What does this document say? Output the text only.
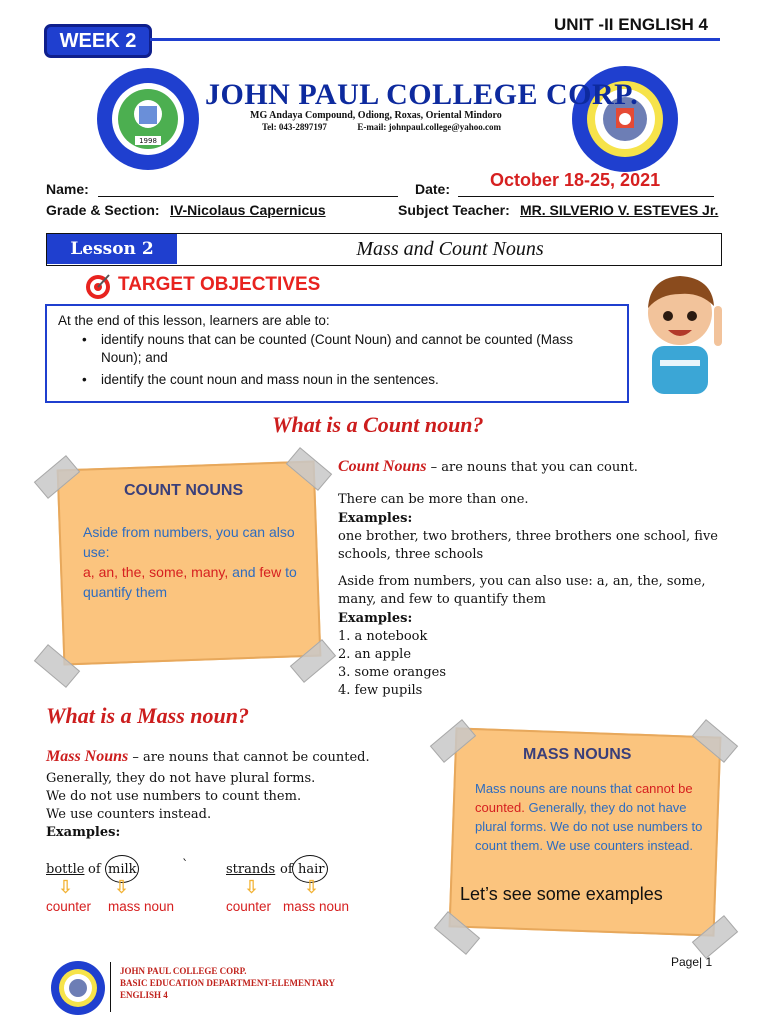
WEEK 2
UNIT -II ENGLISH 4
1998
JOHN PAUL COLLEGE CORP.
MG Andaya Compound, Odiong, Roxas, Oriental Mindoro
Tel: 043-2897197	E-mail: johnpaul.college@yahoo.com
Name:	Date: October 18-25, 2021
Grade & Section: IV-Nicolaus Capernicus	Subject Teacher: MR. SILVERIO V. ESTEVES Jr.
Lesson 2	Mass and Count Nouns
TARGET OBJECTIVES
At the end of this lesson, learners are able to:
• identify nouns that can be counted (Count Noun) and cannot be counted (Mass Noun); and
• identify the count noun and mass noun in the sentences.
What is a Count noun?
COUNT NOUNS
Aside from numbers, you can also use:
a, an, the, some, many, and few to
quantify them
Count Nouns – are nouns that you can count.
There can be more than one.
Examples:
one brother, two brothers, three brothers one school, five schools, three schools
Aside from numbers, you can also use: a, an, the, some, many, and few to quantify them
Examples:
1. a notebook
2. an apple
3. some oranges
4. few pupils
What is a Mass noun?
Mass Nouns – are nouns that cannot be counted.
Generally, they do not have plural forms.
We do not use numbers to count them.
We use counters instead.
Examples:
bottle of milk	`	strands of hair
⇩ ⇩	⇩ ⇩
counter mass noun	counter mass noun
MASS NOUNS
Mass nouns are nouns that cannot be counted. Generally, they do not have plural forms. We do not use numbers to count them. We use counters instead.
Let’s see some examples
Page| 1
JOHN PAUL COLLEGE CORP.
BASIC EDUCATION DEPARTMENT-ELEMENTARY
ENGLISH 4
